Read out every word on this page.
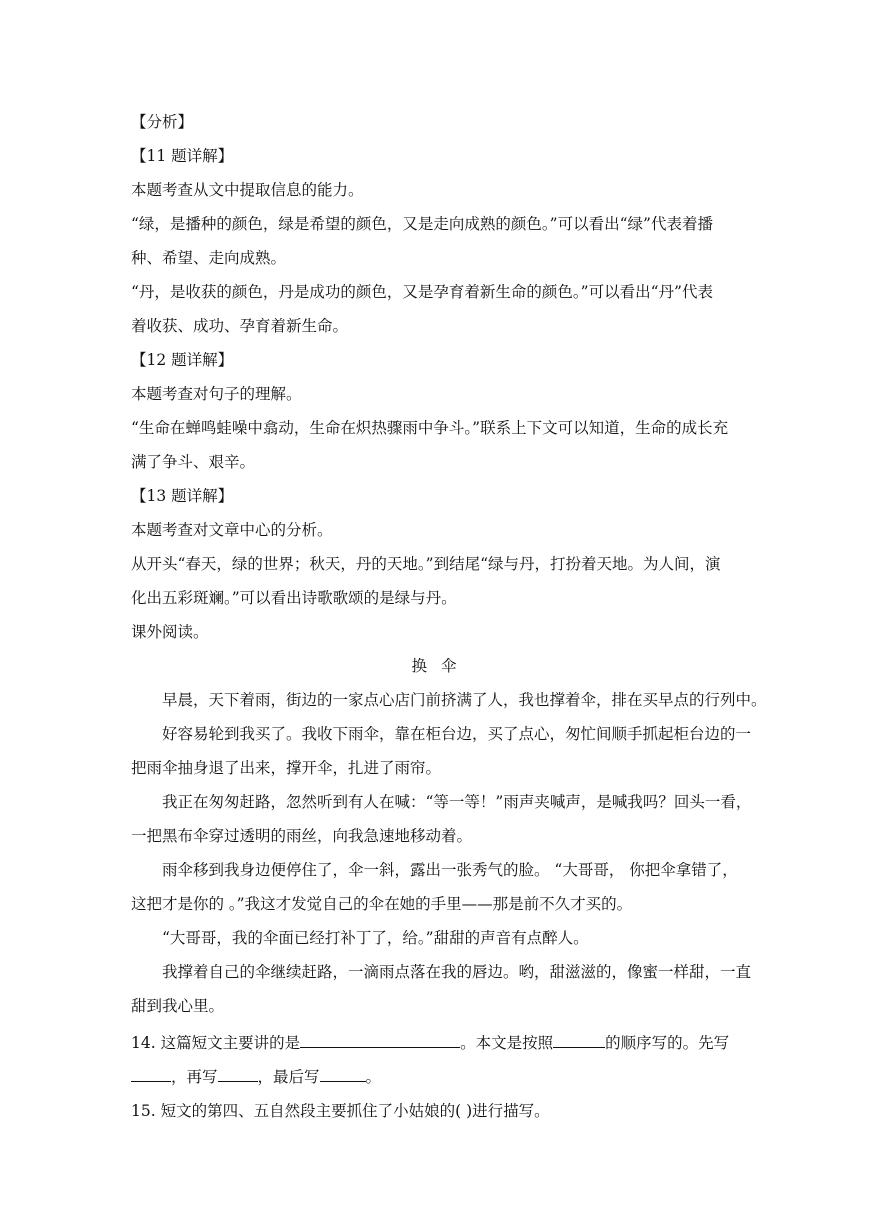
【分析】
【11 题详解】
本题考查从文中提取信息的能力。
“绿，是播种的颜色，绿是希望的颜色，又是走向成熟的颜色。”可以看出“绿”代表着播
种、希望、走向成熟。
“丹，是收获的颜色，丹是成功的颜色，又是孕育着新生命的颜色。”可以看出“丹”代表
着收获、成功、孕育着新生命。
【12 题详解】
本题考查对句子的理解。
“生命在蝉鸣蛙噪中翕动，生命在炽热骤雨中争斗。”联系上下文可以知道，生命的成长充
满了争斗、艰辛。
【13 题详解】
本题考查对文章中心的分析。
从开头“春天，绿的世界；秋天，丹的天地。”到结尾“绿与丹，打扮着天地。为人间，演
化出五彩斑斓。”可以看出诗歌歌颂的是绿与丹。
课外阅读。
换伞
早晨，天下着雨，街边的一家点心店门前挤满了人，我也撑着伞，排在买早点的行列中。
好容易轮到我买了。我收下雨伞，靠在柜台边，买了点心，匆忙间顺手抓起柜台边的一
把雨伞抽身退了出来，撑开伞，扎进了雨帘。
我正在匆匆赶路，忽然听到有人在喊：“等一等！”雨声夹喊声，是喊我吗？回头一看，
一把黑布伞穿过透明的雨丝，向我急速地移动着。
雨伞移到我身边便停住了，伞一斜，露出一张秀气的脸。 “大哥哥， 你把伞拿错了，
这把才是你的 。”我这才发觉自己的伞在她的手里——那是前不久才买的。
“大哥哥，我的伞面已经打补丁了，给。”甜甜的声音有点醉人。
我撑着自己的伞继续赶路，一滴雨点落在我的唇边。哟，甜滋滋的，像蜜一样甜，一直
甜到我心里。
14. 这篇短文主要讲的是	。本文是按照	的顺序写的。先写
，再写	，最后写	。
15. 短文的第四、五自然段主要抓住了小姑娘的( )进行描写。
